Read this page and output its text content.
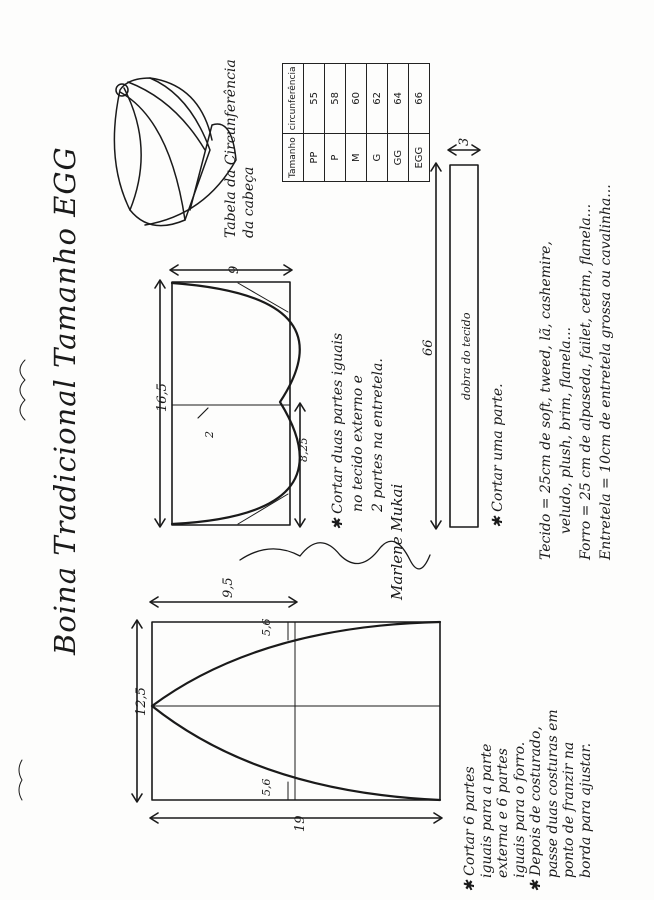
9,5
12,5
19
5,6
5,6
16,5
9
8,25
2
66
3
dobra do tecido
Boina Tradicional Tamanho EGG	Tabela da Circunferência da cabeça
Tamanho	circunferência
PP	55
P	58
M	60
G	62
GG	64
EGG	66
✱ Cortar duas partes iguais no tecido externo e 2 partes na entretela.
✱ Cortar uma parte. Tecido = 25cm de soft, tweed, lã, cashemire, veludo, plush, brim, flanela... Forro = 25 cm de alpaseda, failet, cetim, flanela... Entretela = 10cm de entretela grossa ou cavalinha...
✱ Cortar 6 partes iguais para a parte externa e 6 partes iguais para o forro.
✱ Depois de costurado, passe duas costuras em ponto de franzir na borda para ajustar.
Marlene Mukai
